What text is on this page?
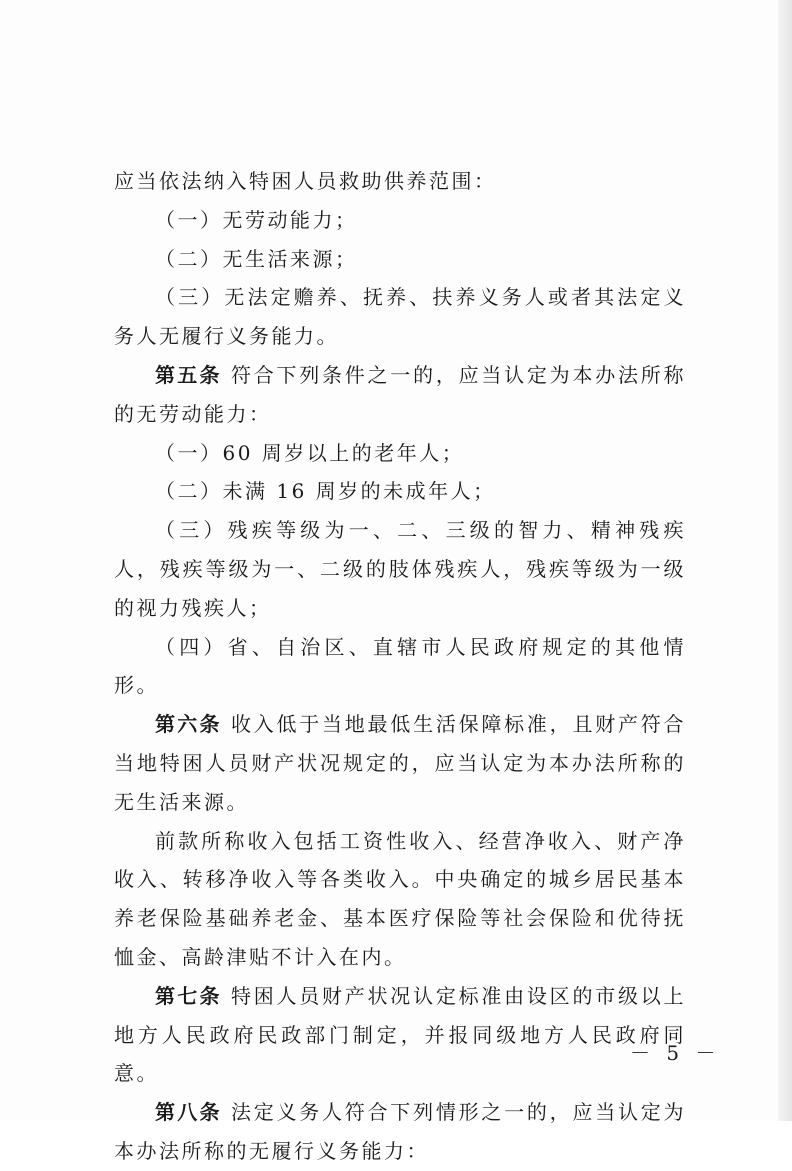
应当依法纳入特困人员救助供养范围：

（一）无劳动能力；

（二）无生活来源；

（三）无法定赡养、抚养、扶养义务人或者其法定义务人无履行义务能力。

第五条 符合下列条件之一的，应当认定为本办法所称的无劳动能力：

（一）60 周岁以上的老年人；

（二）未满 16 周岁的未成年人；

（三）残疾等级为一、二、三级的智力、精神残疾人，残疾等级为一、二级的肢体残疾人，残疾等级为一级的视力残疾人；

（四）省、自治区、直辖市人民政府规定的其他情形。

第六条 收入低于当地最低生活保障标准，且财产符合当地特困人员财产状况规定的，应当认定为本办法所称的无生活来源。

前款所称收入包括工资性收入、经营净收入、财产净收入、转移净收入等各类收入。中央确定的城乡居民基本养老保险基础养老金、基本医疗保险等社会保险和优待抚恤金、高龄津贴不计入在内。

第七条 特困人员财产状况认定标准由设区的市级以上地方人民政府民政部门制定，并报同级地方人民政府同意。

第八条 法定义务人符合下列情形之一的，应当认定为本办法所称的无履行义务能力：

－ 5 －
